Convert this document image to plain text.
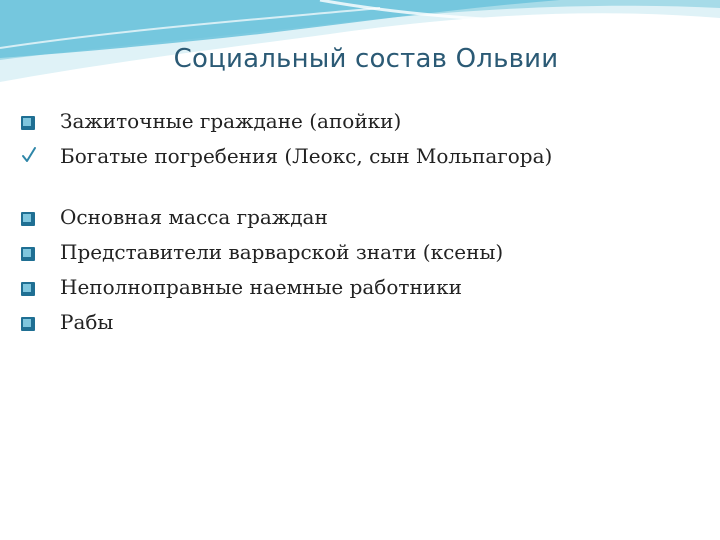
Социальный состав Ольвии
Зажиточные граждане (апойки)
Богатые погребения (Леокс, сын Мольпагора)
Основная масса граждан
Представители варварской знати (ксены)
Неполноправные наемные работники
Рабы
